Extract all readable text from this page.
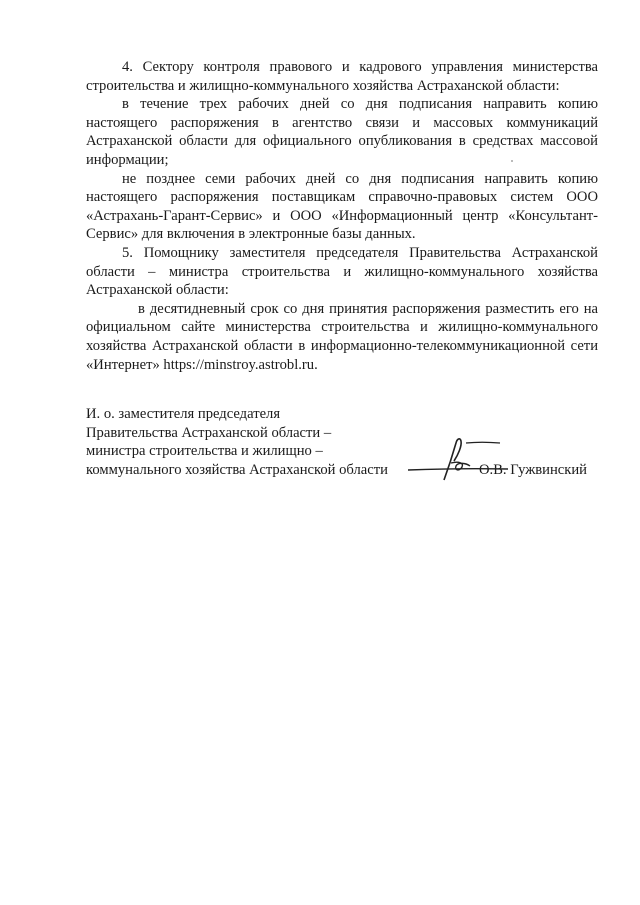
4. Сектору контроля правового и кадрового управления министерства строительства и жилищно-коммунального хозяйства Астраханской области:

в течение трех рабочих дней со дня подписания направить копию настоящего распоряжения в агентство связи и массовых коммуникаций Астраханской области для официального опубликования в средствах массовой информации;

не позднее семи рабочих дней со дня подписания направить копию настоящего распоряжения поставщикам справочно-правовых систем ООО «Астрахань-Гарант-Сервис» и ООО «Информационный центр «Консультант- Сервис» для включения в электронные базы данных.

5. Помощнику заместителя председателя Правительства Астраханской области – министра строительства и жилищно-коммунального хозяйства Астраханской области:

в десятидневный срок со дня принятия распоряжения разместить его на официальном сайте министерства строительства и жилищно-коммунального хозяйства Астраханской области в информационно-телекоммуникационной сети «Интернет» https://minstroy.astrobl.ru.

И. о. заместителя председателя
Правительства Астраханской области –
министра строительства и жилищно –
коммунального хозяйства Астраханской области	О.В. Гужвинский
